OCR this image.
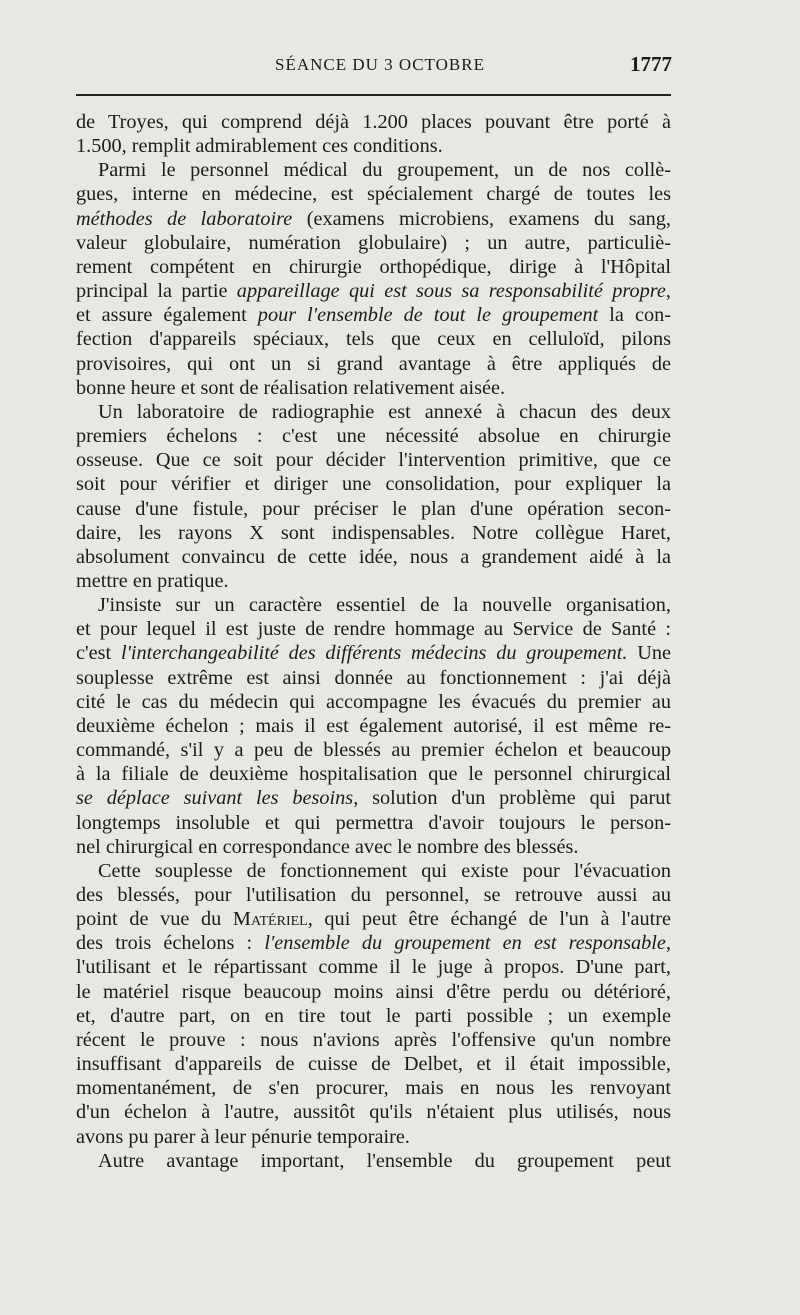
SÉANCE DU 3 OCTOBRE	1777
de Troyes, qui comprend déjà 1.200 places pouvant être porté à
1.500, remplit admirablement ces conditions.
Parmi le personnel médical du groupement, un de nos collè-
gues, interne en médecine, est spécialement chargé de toutes les
méthodes de laboratoire (examens microbiens, examens du sang,
valeur globulaire, numération globulaire) ; un autre, particuliè-
rement compétent en chirurgie orthopédique, dirige à l'Hôpital
principal la partie appareillage qui est sous sa responsabilité propre,
et assure également pour l'ensemble de tout le groupement la con-
fection d'appareils spéciaux, tels que ceux en celluloïd, pilons
provisoires, qui ont un si grand avantage à être appliqués de
bonne heure et sont de réalisation relativement aisée.
Un laboratoire de radiographie est annexé à chacun des deux
premiers échelons : c'est une nécessité absolue en chirurgie
osseuse. Que ce soit pour décider l'intervention primitive, que ce
soit pour vérifier et diriger une consolidation, pour expliquer la
cause d'une fistule, pour préciser le plan d'une opération secon-
daire, les rayons X sont indispensables. Notre collègue Haret,
absolument convaincu de cette idée, nous a grandement aidé à la
mettre en pratique.
J'insiste sur un caractère essentiel de la nouvelle organisation,
et pour lequel il est juste de rendre hommage au Service de Santé :
c'est l'interchangeabilité des différents médecins du groupement. Une
souplesse extrême est ainsi donnée au fonctionnement : j'ai déjà
cité le cas du médecin qui accompagne les évacués du premier au
deuxième échelon ; mais il est également autorisé, il est même re-
commandé, s'il y a peu de blessés au premier échelon et beaucoup
à la filiale de deuxième hospitalisation que le personnel chirurgical
se déplace suivant les besoins, solution d'un problème qui parut
longtemps insoluble et qui permettra d'avoir toujours le person-
nel chirurgical en correspondance avec le nombre des blessés.
Cette souplesse de fonctionnement qui existe pour l'évacuation
des blessés, pour l'utilisation du personnel, se retrouve aussi au
point de vue du Matériel, qui peut être échangé de l'un à l'autre
des trois échelons : l'ensemble du groupement en est responsable,
l'utilisant et le répartissant comme il le juge à propos. D'une part,
le matériel risque beaucoup moins ainsi d'être perdu ou détérioré,
et, d'autre part, on en tire tout le parti possible ; un exemple
récent le prouve : nous n'avions après l'offensive qu'un nombre
insuffisant d'appareils de cuisse de Delbet, et il était impossible,
momentanément, de s'en procurer, mais en nous les renvoyant
d'un échelon à l'autre, aussitôt qu'ils n'étaient plus utilisés, nous
avons pu parer à leur pénurie temporaire.
Autre avantage important, l'ensemble du groupement peut
